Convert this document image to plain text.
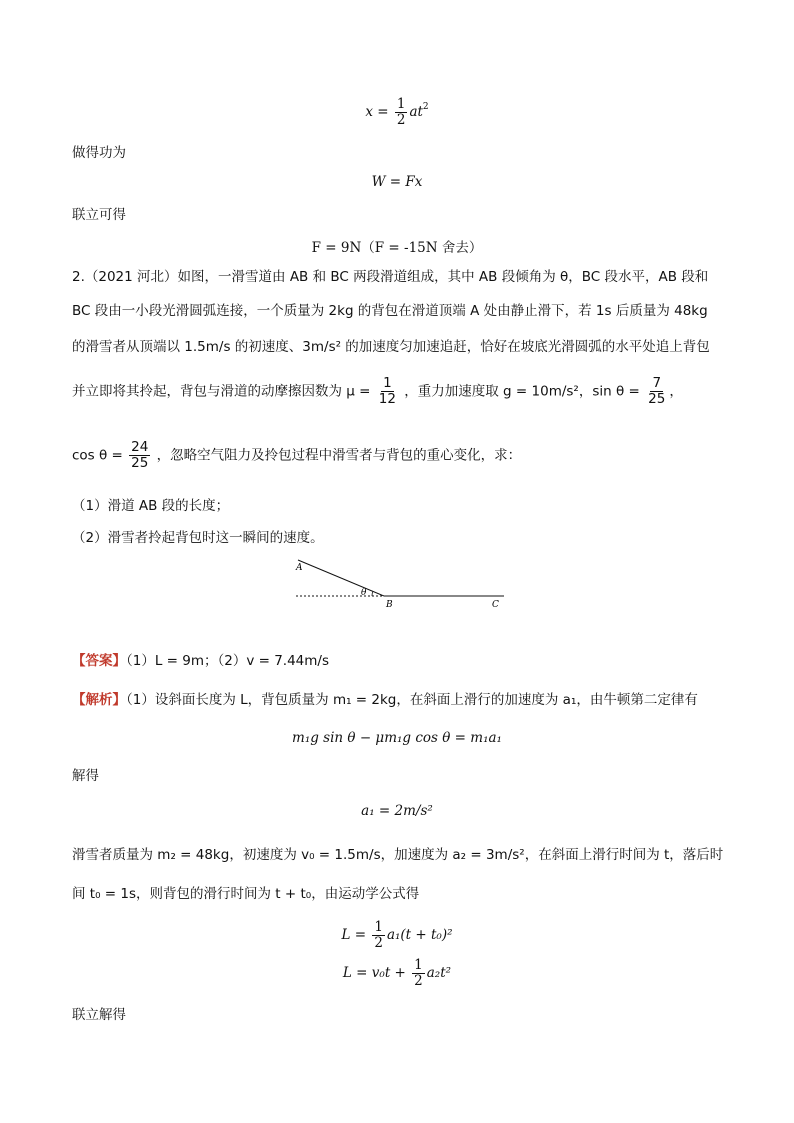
$x = \frac{1}{2} at^2$
做得功为
W = Fx
联立可得
F = 9N（F = -15N 舍去）
2.（2021 河北）如图，一滑雪道由 AB 和 BC 两段滑道组成，其中 AB 段倾角为 θ，BC 段水平，AB 段和
BC 段由一小段光滑圆弧连接，一个质量为 2kg 的背包在滑道顶端 A 处由静止滑下，若 1s 后质量为 48kg
的滑雪者从顶端以 1.5m/s 的初速度、3m/s² 的加速度匀加速追赶，恰好在坡底光滑圆弧的水平处追上背包
并立即将其拎起，背包与滑道的动摩擦因数为 $\mu = \frac{1}{12}$ ，重力加速度取 g = 10m/s²，$\sin \theta = \frac{7}{25}$ ，
$\cos \theta = \frac{24}{25}$ ，忽略空气阻力及拎包过程中滑雪者与背包的重心变化，求：
（1）滑道 AB 段的长度；
（2）滑雪者拎起背包时这一瞬间的速度。
A
θ
B	C
【答案】（1）L = 9m；（2）v = 7.44m/s
【解析】（1）设斜面长度为 L，背包质量为 m₁ = 2kg，在斜面上滑行的加速度为 a₁，由牛顿第二定律有
m₁g sin θ − μm₁g cos θ = m₁a₁
解得
a₁ = 2m/s²
滑雪者质量为 m₂ = 48kg，初速度为 v₀ = 1.5m/s，加速度为 a₂ = 3m/s²，在斜面上滑行时间为 t，落后时
间 t₀ = 1s，则背包的滑行时间为 t + t₀，由运动学公式得
$L = \frac{1}{2} a_1(t + t_0)^2$
$L = v_0t + \frac{1}{2} a_2t^2$
联立解得
